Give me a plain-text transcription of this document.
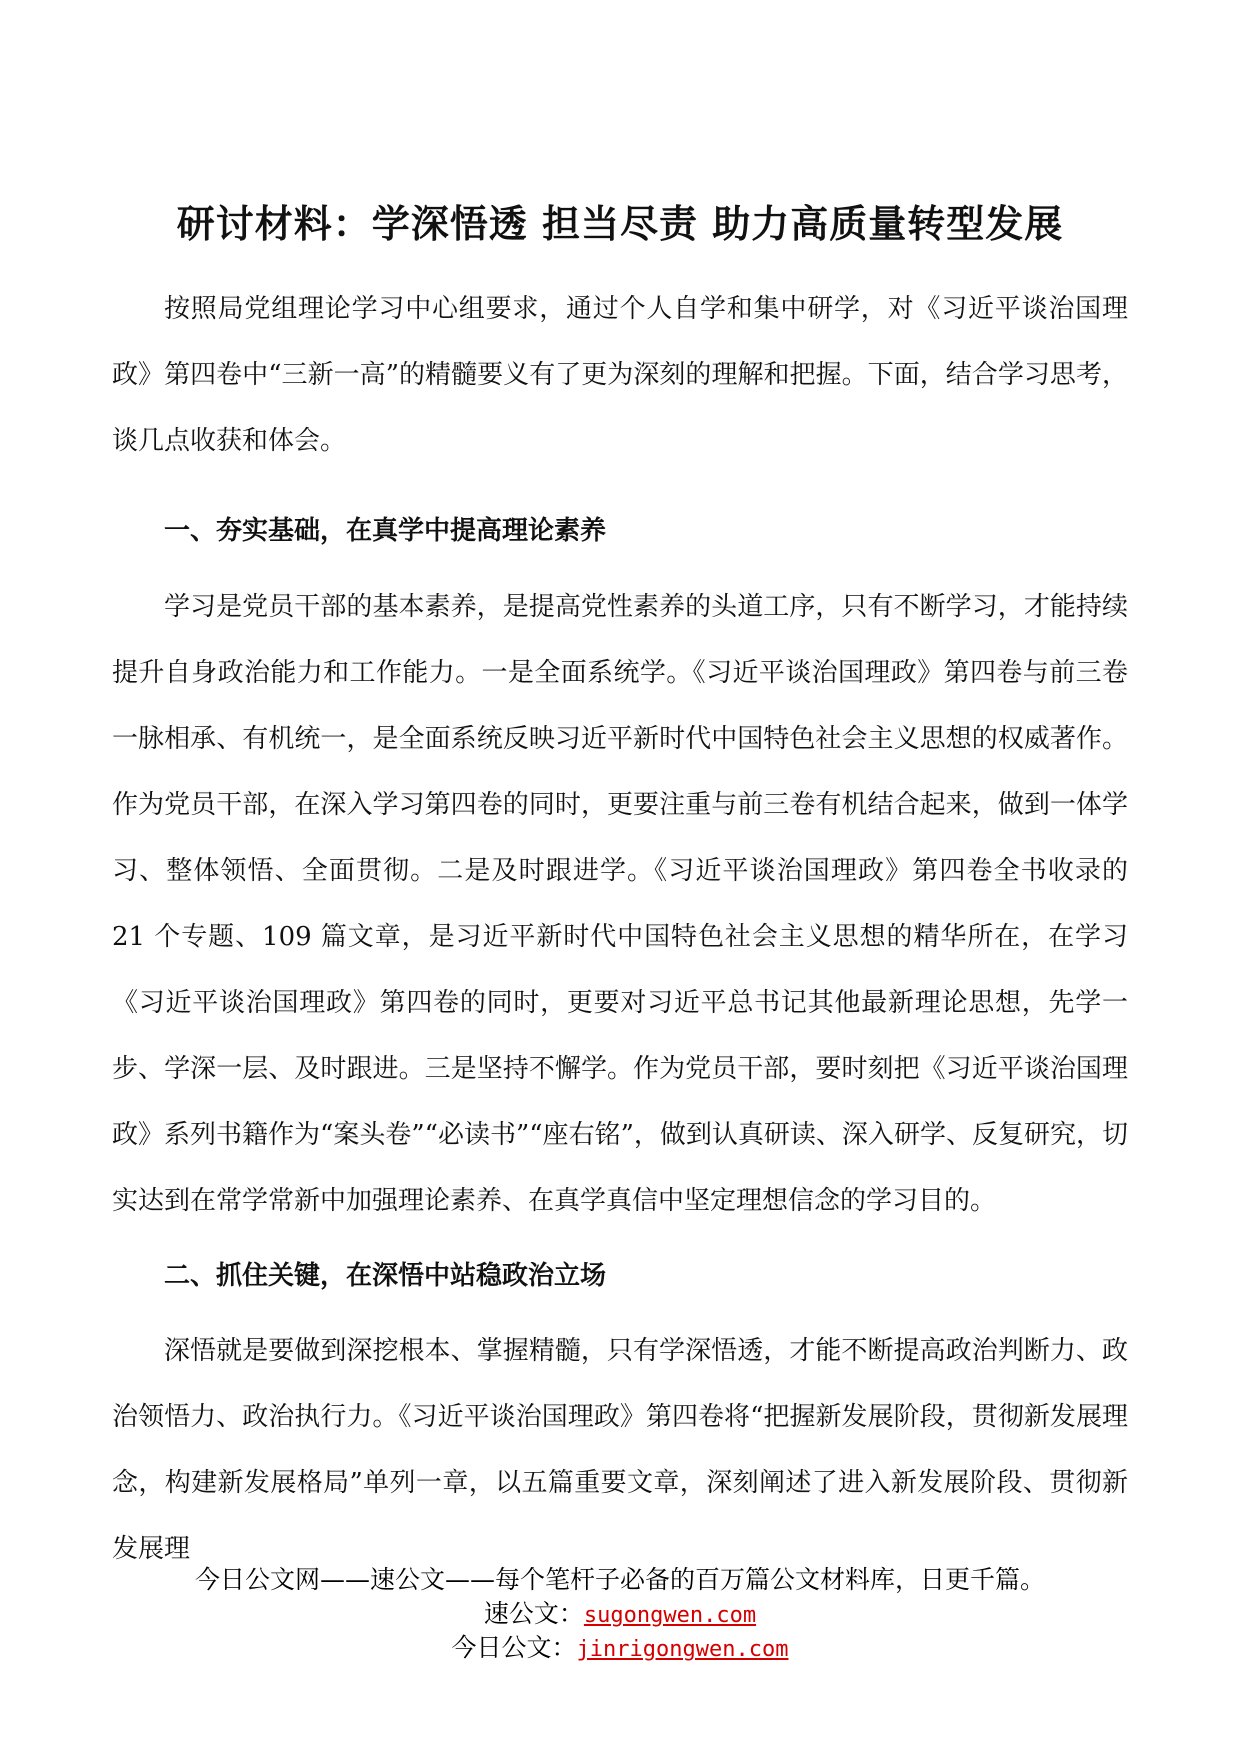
研讨材料：学深悟透 担当尽责 助力高质量转型发展
按照局党组理论学习中心组要求，通过个人自学和集中研学，对《习近平谈治国理政》第四卷中“三新一高”的精髓要义有了更为深刻的理解和把握。下面，结合学习思考，谈几点收获和体会。
一、夯实基础，在真学中提高理论素养
学习是党员干部的基本素养，是提高党性素养的头道工序，只有不断学习，才能持续提升自身政治能力和工作能力。一是全面系统学。《习近平谈治国理政》第四卷与前三卷一脉相承、有机统一，是全面系统反映习近平新时代中国特色社会主义思想的权威著作。作为党员干部，在深入学习第四卷的同时，更要注重与前三卷有机结合起来，做到一体学习、整体领悟、全面贯彻。二是及时跟进学。《习近平谈治国理政》第四卷全书收录的 21 个专题、109 篇文章，是习近平新时代中国特色社会主义思想的精华所在，在学习《习近平谈治国理政》第四卷的同时，更要对习近平总书记其他最新理论思想，先学一步、学深一层、及时跟进。三是坚持不懈学。作为党员干部，要时刻把《习近平谈治国理政》系列书籍作为“案头卷”“必读书”“座右铭”，做到认真研读、深入研学、反复研究，切实达到在常学常新中加强理论素养、在真学真信中坚定理想信念的学习目的。
二、抓住关键，在深悟中站稳政治立场
深悟就是要做到深挖根本、掌握精髓，只有学深悟透，才能不断提高政治判断力、政治领悟力、政治执行力。《习近平谈治国理政》第四卷将“把握新发展阶段，贯彻新发展理念，构建新发展格局”单列一章，以五篇重要文章，深刻阐述了进入新发展阶段、贯彻新发展理
今日公文网——速公文——每个笔杆子必备的百万篇公文材料库，日更千篇。
速公文：sugongwen.com
今日公文：jinrigongwen.com
